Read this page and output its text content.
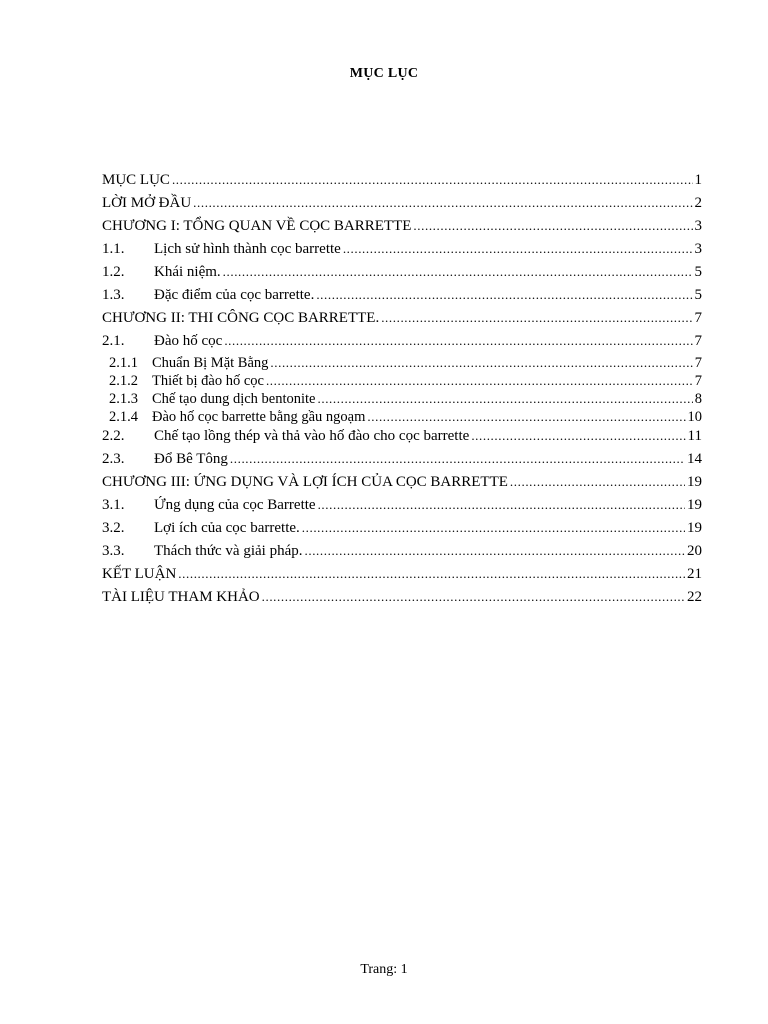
MỤC LỤC
MỤC LỤC .....	1
LỜI MỞ ĐẦU .....	2
CHƯƠNG I: TỔNG QUAN VỀ CỌC BARRETTE .....	3
1.1.	Lịch sử hình thành cọc barrette .....	3
1.2.	Khái niệm. .....	5
1.3.	Đặc điểm của cọc barrette. .....	5
CHƯƠNG II: THI CÔNG CỌC BARRETTE. .....	7
2.1.	Đào hố cọc .....	7
2.1.1 Chuẩn Bị Mặt Bằng .....	7
2.1.2 Thiết bị đào hố cọc .....	7
2.1.3 Chế tạo dung dịch bentonite .....	8
2.1.4 Đào hố cọc barrette bằng gầu ngoạm .....	10
2.2.	Chế tạo lồng thép và thả vào hố đào cho cọc barrette .....	11
2.3.	Đổ Bê Tông .....	14
CHƯƠNG III: ỨNG DỤNG VÀ LỢI ÍCH CỦA CỌC BARRETTE .....	19
3.1.	Ứng dụng của cọc Barrette .....	19
3.2.	Lợi ích của cọc barrette. .....	19
3.3.	Thách thức và giải pháp. .....	20
KẾT LUẬN .....	21
TÀI LIỆU THAM KHẢO .....	22
Trang: 1
